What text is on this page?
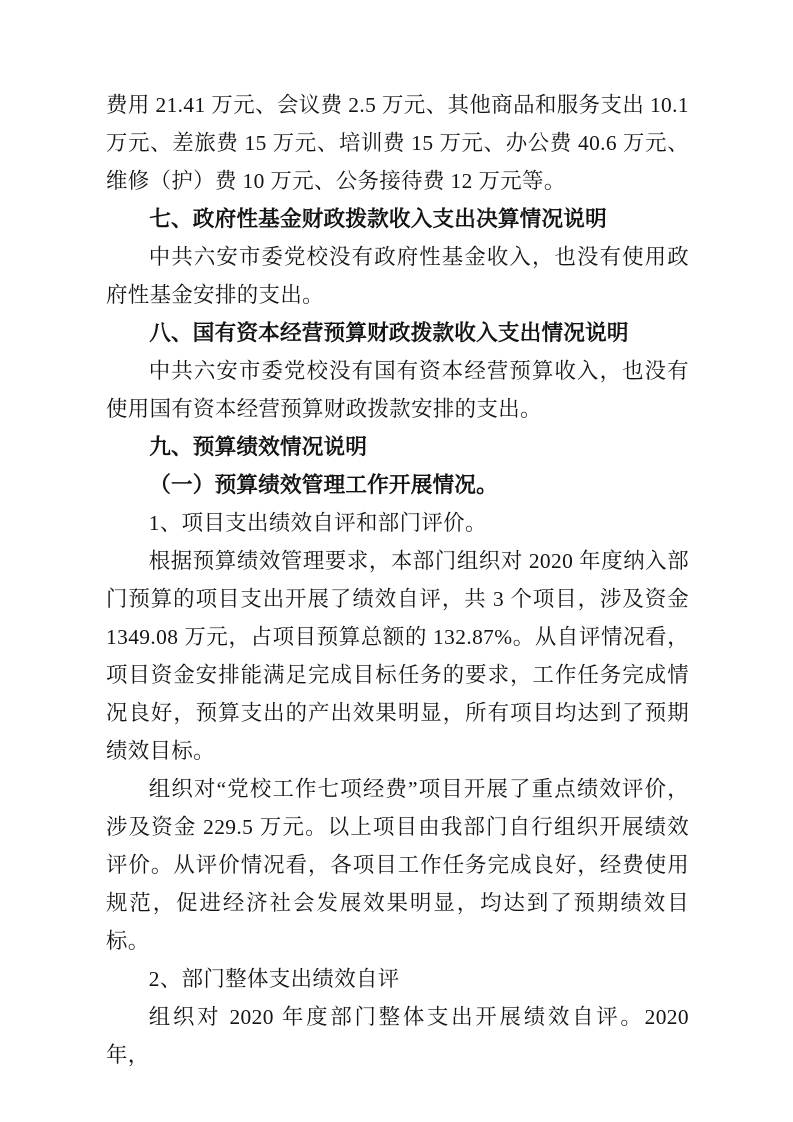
费用 21.41 万元、会议费 2.5 万元、其他商品和服务支出 10.1 万元、差旅费 15 万元、培训费 15 万元、办公费 40.6 万元、维修（护）费 10 万元、公务接待费 12 万元等。

七、政府性基金财政拨款收入支出决算情况说明

中共六安市委党校没有政府性基金收入，也没有使用政府性基金安排的支出。

八、国有资本经营预算财政拨款收入支出情况说明

中共六安市委党校没有国有资本经营预算收入，也没有使用国有资本经营预算财政拨款安排的支出。

九、预算绩效情况说明

（一）预算绩效管理工作开展情况。

1、项目支出绩效自评和部门评价。

根据预算绩效管理要求，本部门组织对 2020 年度纳入部门预算的项目支出开展了绩效自评，共 3 个项目，涉及资金 1349.08 万元，占项目预算总额的 132.87%。从自评情况看，项目资金安排能满足完成目标任务的要求，工作任务完成情况良好，预算支出的产出效果明显，所有项目均达到了预期绩效目标。

组织对“党校工作七项经费”项目开展了重点绩效评价，涉及资金 229.5 万元。以上项目由我部门自行组织开展绩效评价。从评价情况看，各项目工作任务完成良好，经费使用规范，促进经济社会发展效果明显，均达到了预期绩效目标。

2、部门整体支出绩效自评

组织对 2020 年度部门整体支出开展绩效自评。2020 年，
